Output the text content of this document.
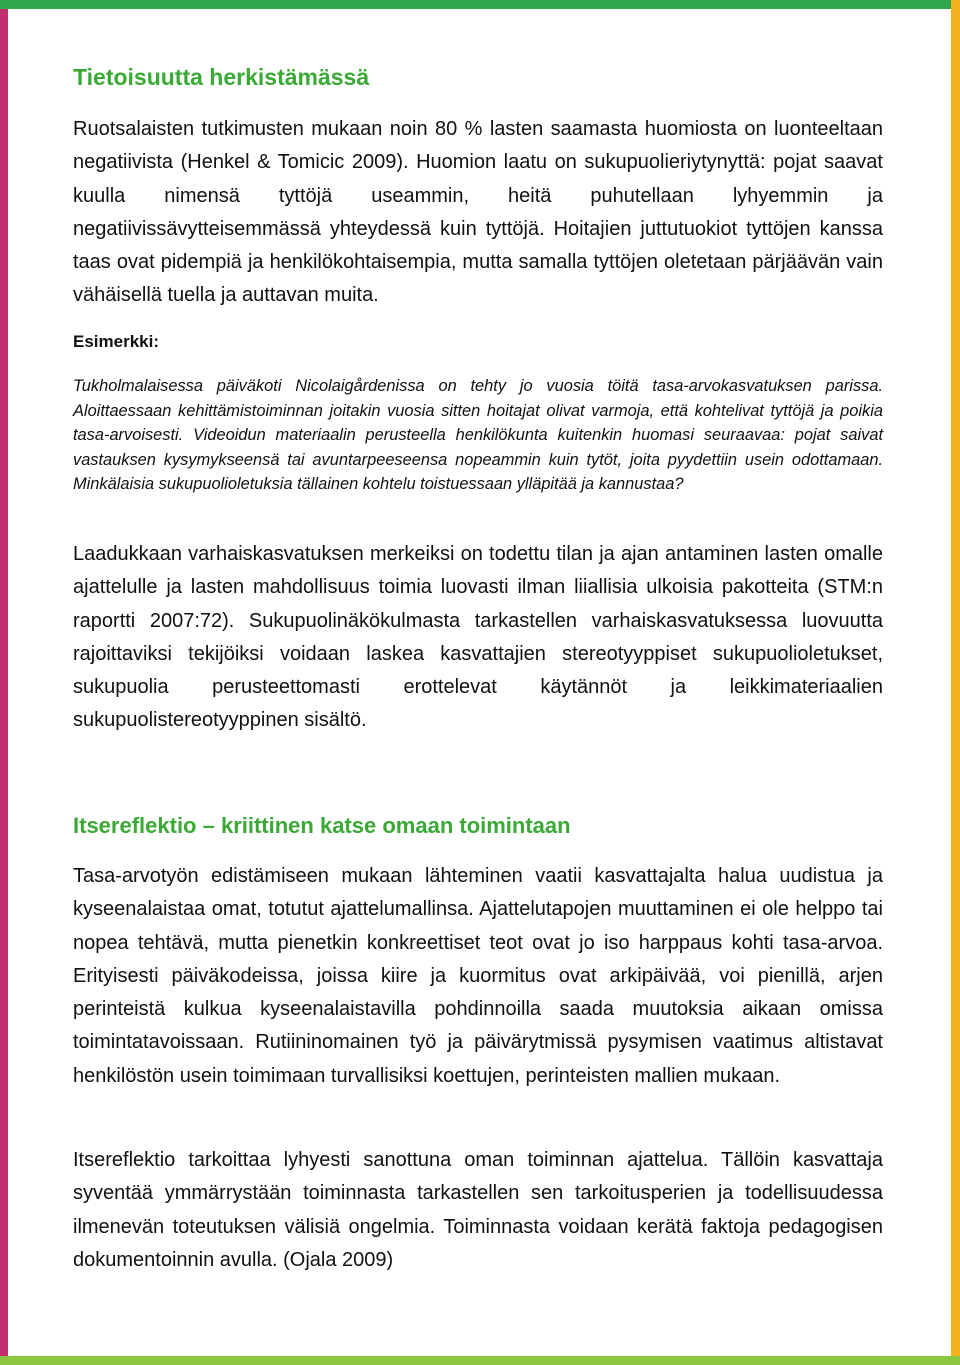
Tietoisuutta herkistämässä

Ruotsalaisten tutkimusten mukaan noin 80 % lasten saamasta huomiosta on luonteeltaan negatiivista (Henkel & Tomicic 2009). Huomion laatu on sukupuolieriytynyttä: pojat saavat kuulla nimensä tyttöjä useammin, heitä puhutellaan lyhyemmin ja negatiivissävytteisemmässä yhteydessä kuin tyttöjä. Hoitajien juttutuokiot tyttöjen kanssa taas ovat pidempiä ja henkilökohtaisempia, mutta samalla tyttöjen oletetaan pärjäävän vain vähäisellä tuella ja auttavan muita.

Esimerkki:

Tukholmalaisessa päiväkoti Nicolaigårdenissa on tehty jo vuosia töitä tasa-arvokasvatuksen parissa. Aloittaessaan kehittämistoiminnan joitakin vuosia sitten hoitajat olivat varmoja, että kohtelivat tyttöjä ja poikia tasa-arvoisesti. Videoidun materiaalin perusteella henkilökunta kuitenkin huomasi seuraavaa: pojat saivat vastauksen kysymykseensä tai avuntarpeeseensa nopeammin kuin tytöt, joita pyydettiin usein odottamaan. Minkälaisia sukupuolioletuksia tällainen kohtelu toistuessaan ylläpitää ja kannustaa?

Laadukkaan varhaiskasvatuksen merkeiksi on todettu tilan ja ajan antaminen lasten omalle ajattelulle ja lasten mahdollisuus toimia luovasti ilman liiallisia ulkoisia pakotteita (STM:n raportti 2007:72). Sukupuolinäkökulmasta tarkastellen varhaiskasvatuksessa luovuutta rajoittaviksi tekijöiksi voidaan laskea kasvattajien stereotyyppiset sukupuolioletukset, sukupuolia perusteettomasti erottelevat käytännöt ja leikkimateriaalien sukupuolistereotyyppinen sisältö.

Itsereflektio – kriittinen katse omaan toimintaan

Tasa-arvotyön edistämiseen mukaan lähteminen vaatii kasvattajalta halua uudistua ja kyseenalaistaa omat, totutut ajattelumallinsa. Ajattelutapojen muuttaminen ei ole helppo tai nopea tehtävä, mutta pienetkin konkreettiset teot ovat jo iso harppaus kohti tasa-arvoa. Erityisesti päiväkodeissa, joissa kiire ja kuormitus ovat arkipäivää, voi pienillä, arjen perinteistä kulkua kyseenalaistavilla pohdinnoilla saada muutoksia aikaan omissa toimintatavoissaan. Rutiininomainen työ ja päivärytmissä pysymisen vaatimus altistavat henkilöstön usein toimimaan turvallisiksi koettujen, perinteisten mallien mukaan.

Itsereflektio tarkoittaa lyhyesti sanottuna oman toiminnan ajattelua. Tällöin kasvattaja syventää ymmärrystään toiminnasta tarkastellen sen tarkoitusperien ja todellisuudessa ilmenevän toteutuksen välisiä ongelmia. Toiminnasta voidaan kerätä faktoja pedagogisen dokumentoinnin avulla. (Ojala 2009)
